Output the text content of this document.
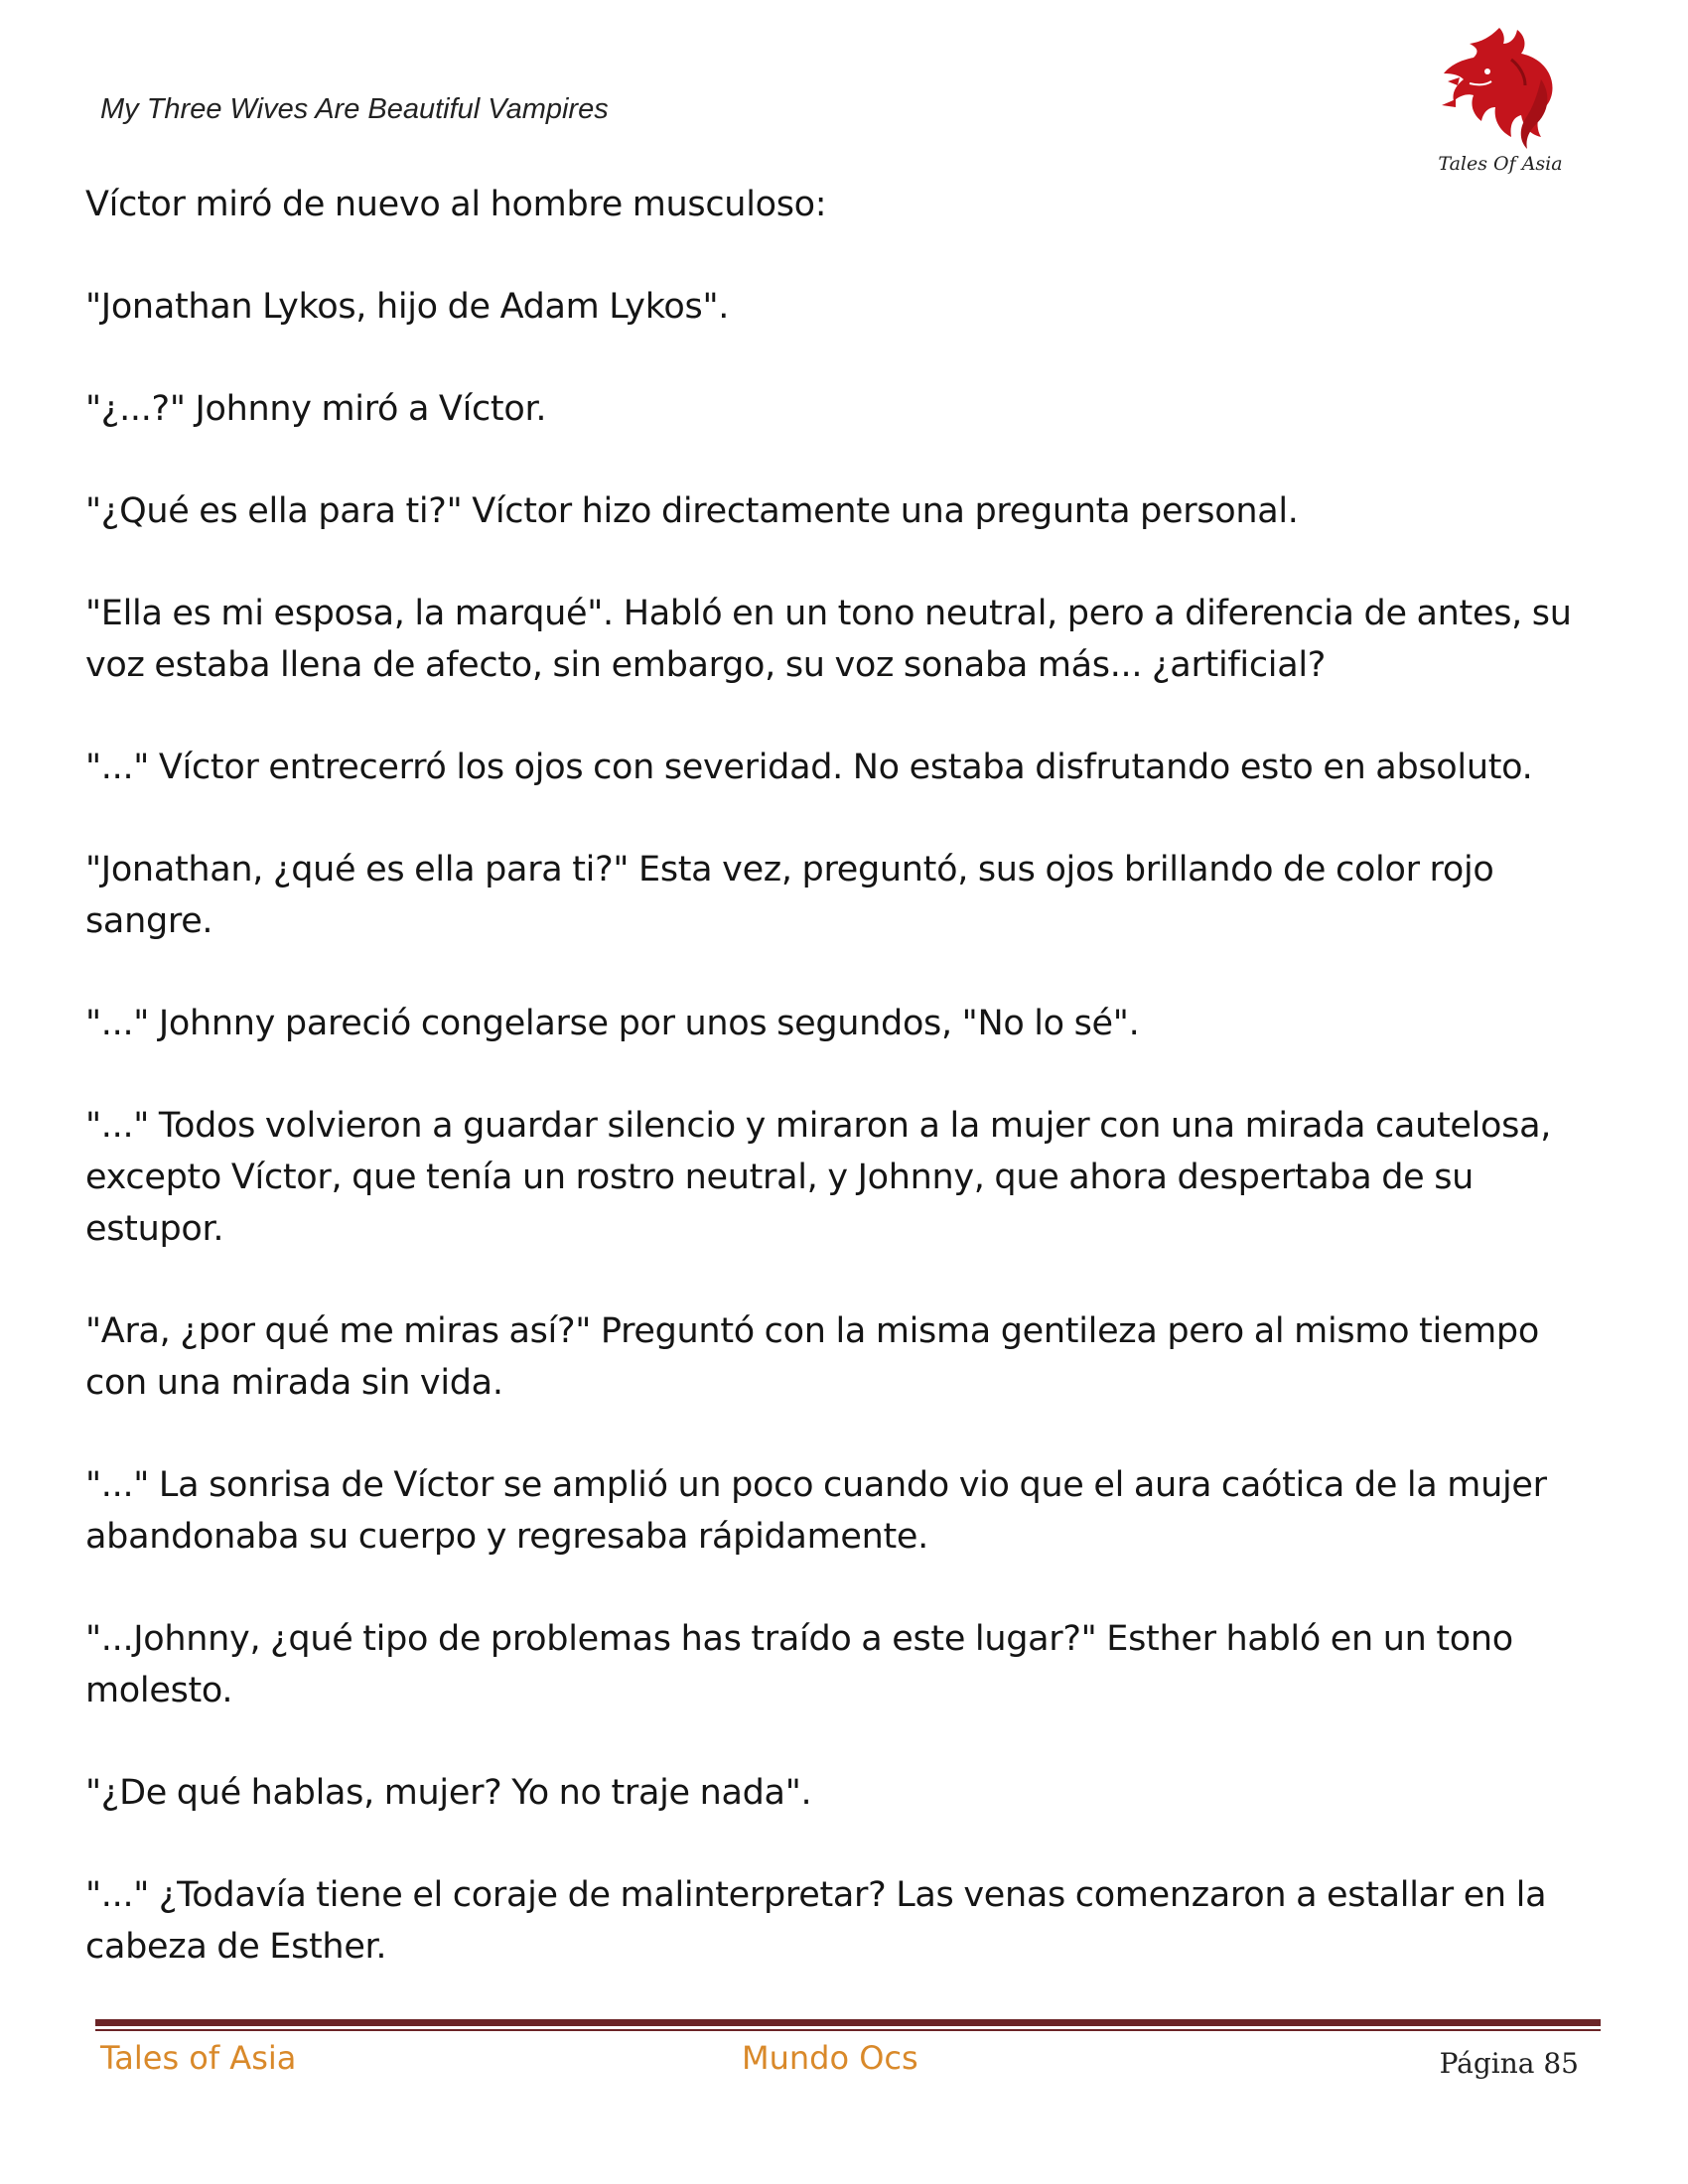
My Three Wives Are Beautiful Vampires
Tales Of Asia

Víctor miró de nuevo al hombre musculoso:

"Jonathan Lykos, hijo de Adam Lykos".

"¿...?" Johnny miró a Víctor.

"¿Qué es ella para ti?" Víctor hizo directamente una pregunta personal.

"Ella es mi esposa, la marqué". Habló en un tono neutral, pero a diferencia de antes, su voz estaba llena de afecto, sin embargo, su voz sonaba más... ¿artificial?

"..." Víctor entrecerró los ojos con severidad. No estaba disfrutando esto en absoluto.

"Jonathan, ¿qué es ella para ti?" Esta vez, preguntó, sus ojos brillando de color rojo sangre.

"..." Johnny pareció congelarse por unos segundos, "No lo sé".

"..." Todos volvieron a guardar silencio y miraron a la mujer con una mirada cautelosa, excepto Víctor, que tenía un rostro neutral, y Johnny, que ahora despertaba de su estupor.

"Ara, ¿por qué me miras así?" Preguntó con la misma gentileza pero al mismo tiempo con una mirada sin vida.

"..." La sonrisa de Víctor se amplió un poco cuando vio que el aura caótica de la mujer abandonaba su cuerpo y regresaba rápidamente.

"...Johnny, ¿qué tipo de problemas has traído a este lugar?" Esther habló en un tono molesto.

"¿De qué hablas, mujer? Yo no traje nada".

"..." ¿Todavía tiene el coraje de malinterpretar? Las venas comenzaron a estallar en la cabeza de Esther.

Tales of Asia	Mundo Ocs	Página 85
